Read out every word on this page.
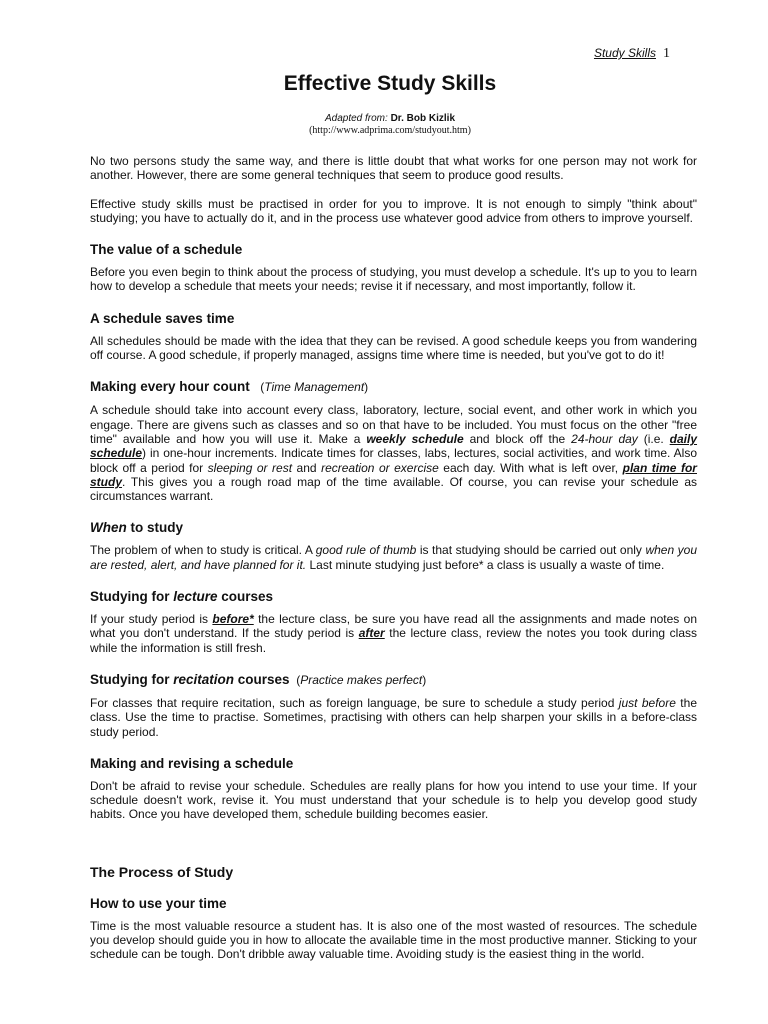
Study Skills 1
Effective Study Skills
Adapted from: Dr. Bob Kizlik
(http://www.adprima.com/studyout.htm)

No two persons study the same way, and there is little doubt that what works for one person may not work for another. However, there are some general techniques that seem to produce good results.

Effective study skills must be practised in order for you to improve. It is not enough to simply "think about" studying; you have to actually do it, and in the process use whatever good advice from others to improve yourself.

The value of a schedule

Before you even begin to think about the process of studying, you must develop a schedule. It's up to you to learn how to develop a schedule that meets your needs; revise it if necessary, and most importantly, follow it.

A schedule saves time

All schedules should be made with the idea that they can be revised. A good schedule keeps you from wandering off course. A good schedule, if properly managed, assigns time where time is needed, but you've got to do it!

Making every hour count (Time Management)

A schedule should take into account every class, laboratory, lecture, social event, and other work in which you engage. There are givens such as classes and so on that have to be included. You must focus on the other "free time" available and how you will use it. Make a weekly schedule and block off the 24-hour day (i.e. daily schedule) in one-hour increments. Indicate times for classes, labs, lectures, social activities, and work time. Also block off a period for sleeping or rest and recreation or exercise each day. With what is left over, plan time for study. This gives you a rough road map of the time available. Of course, you can revise your schedule as circumstances warrant.

When to study

The problem of when to study is critical. A good rule of thumb is that studying should be carried out only when you are rested, alert, and have planned for it. Last minute studying just before* a class is usually a waste of time.

Studying for lecture courses

If your study period is before* the lecture class, be sure you have read all the assignments and made notes on what you don't understand. If the study period is after the lecture class, review the notes you took during class while the information is still fresh.

Studying for recitation courses (Practice makes perfect)

For classes that require recitation, such as foreign language, be sure to schedule a study period just before the class. Use the time to practise. Sometimes, practising with others can help sharpen your skills in a before-class study period.

Making and revising a schedule

Don't be afraid to revise your schedule. Schedules are really plans for how you intend to use your time. If your schedule doesn't work, revise it. You must understand that your schedule is to help you develop good study habits. Once you have developed them, schedule building becomes easier.

The Process of Study
How to use your time

Time is the most valuable resource a student has. It is also one of the most wasted of resources. The schedule you develop should guide you in how to allocate the available time in the most productive manner. Sticking to your schedule can be tough. Don't dribble away valuable time. Avoiding study is the easiest thing in the world.
